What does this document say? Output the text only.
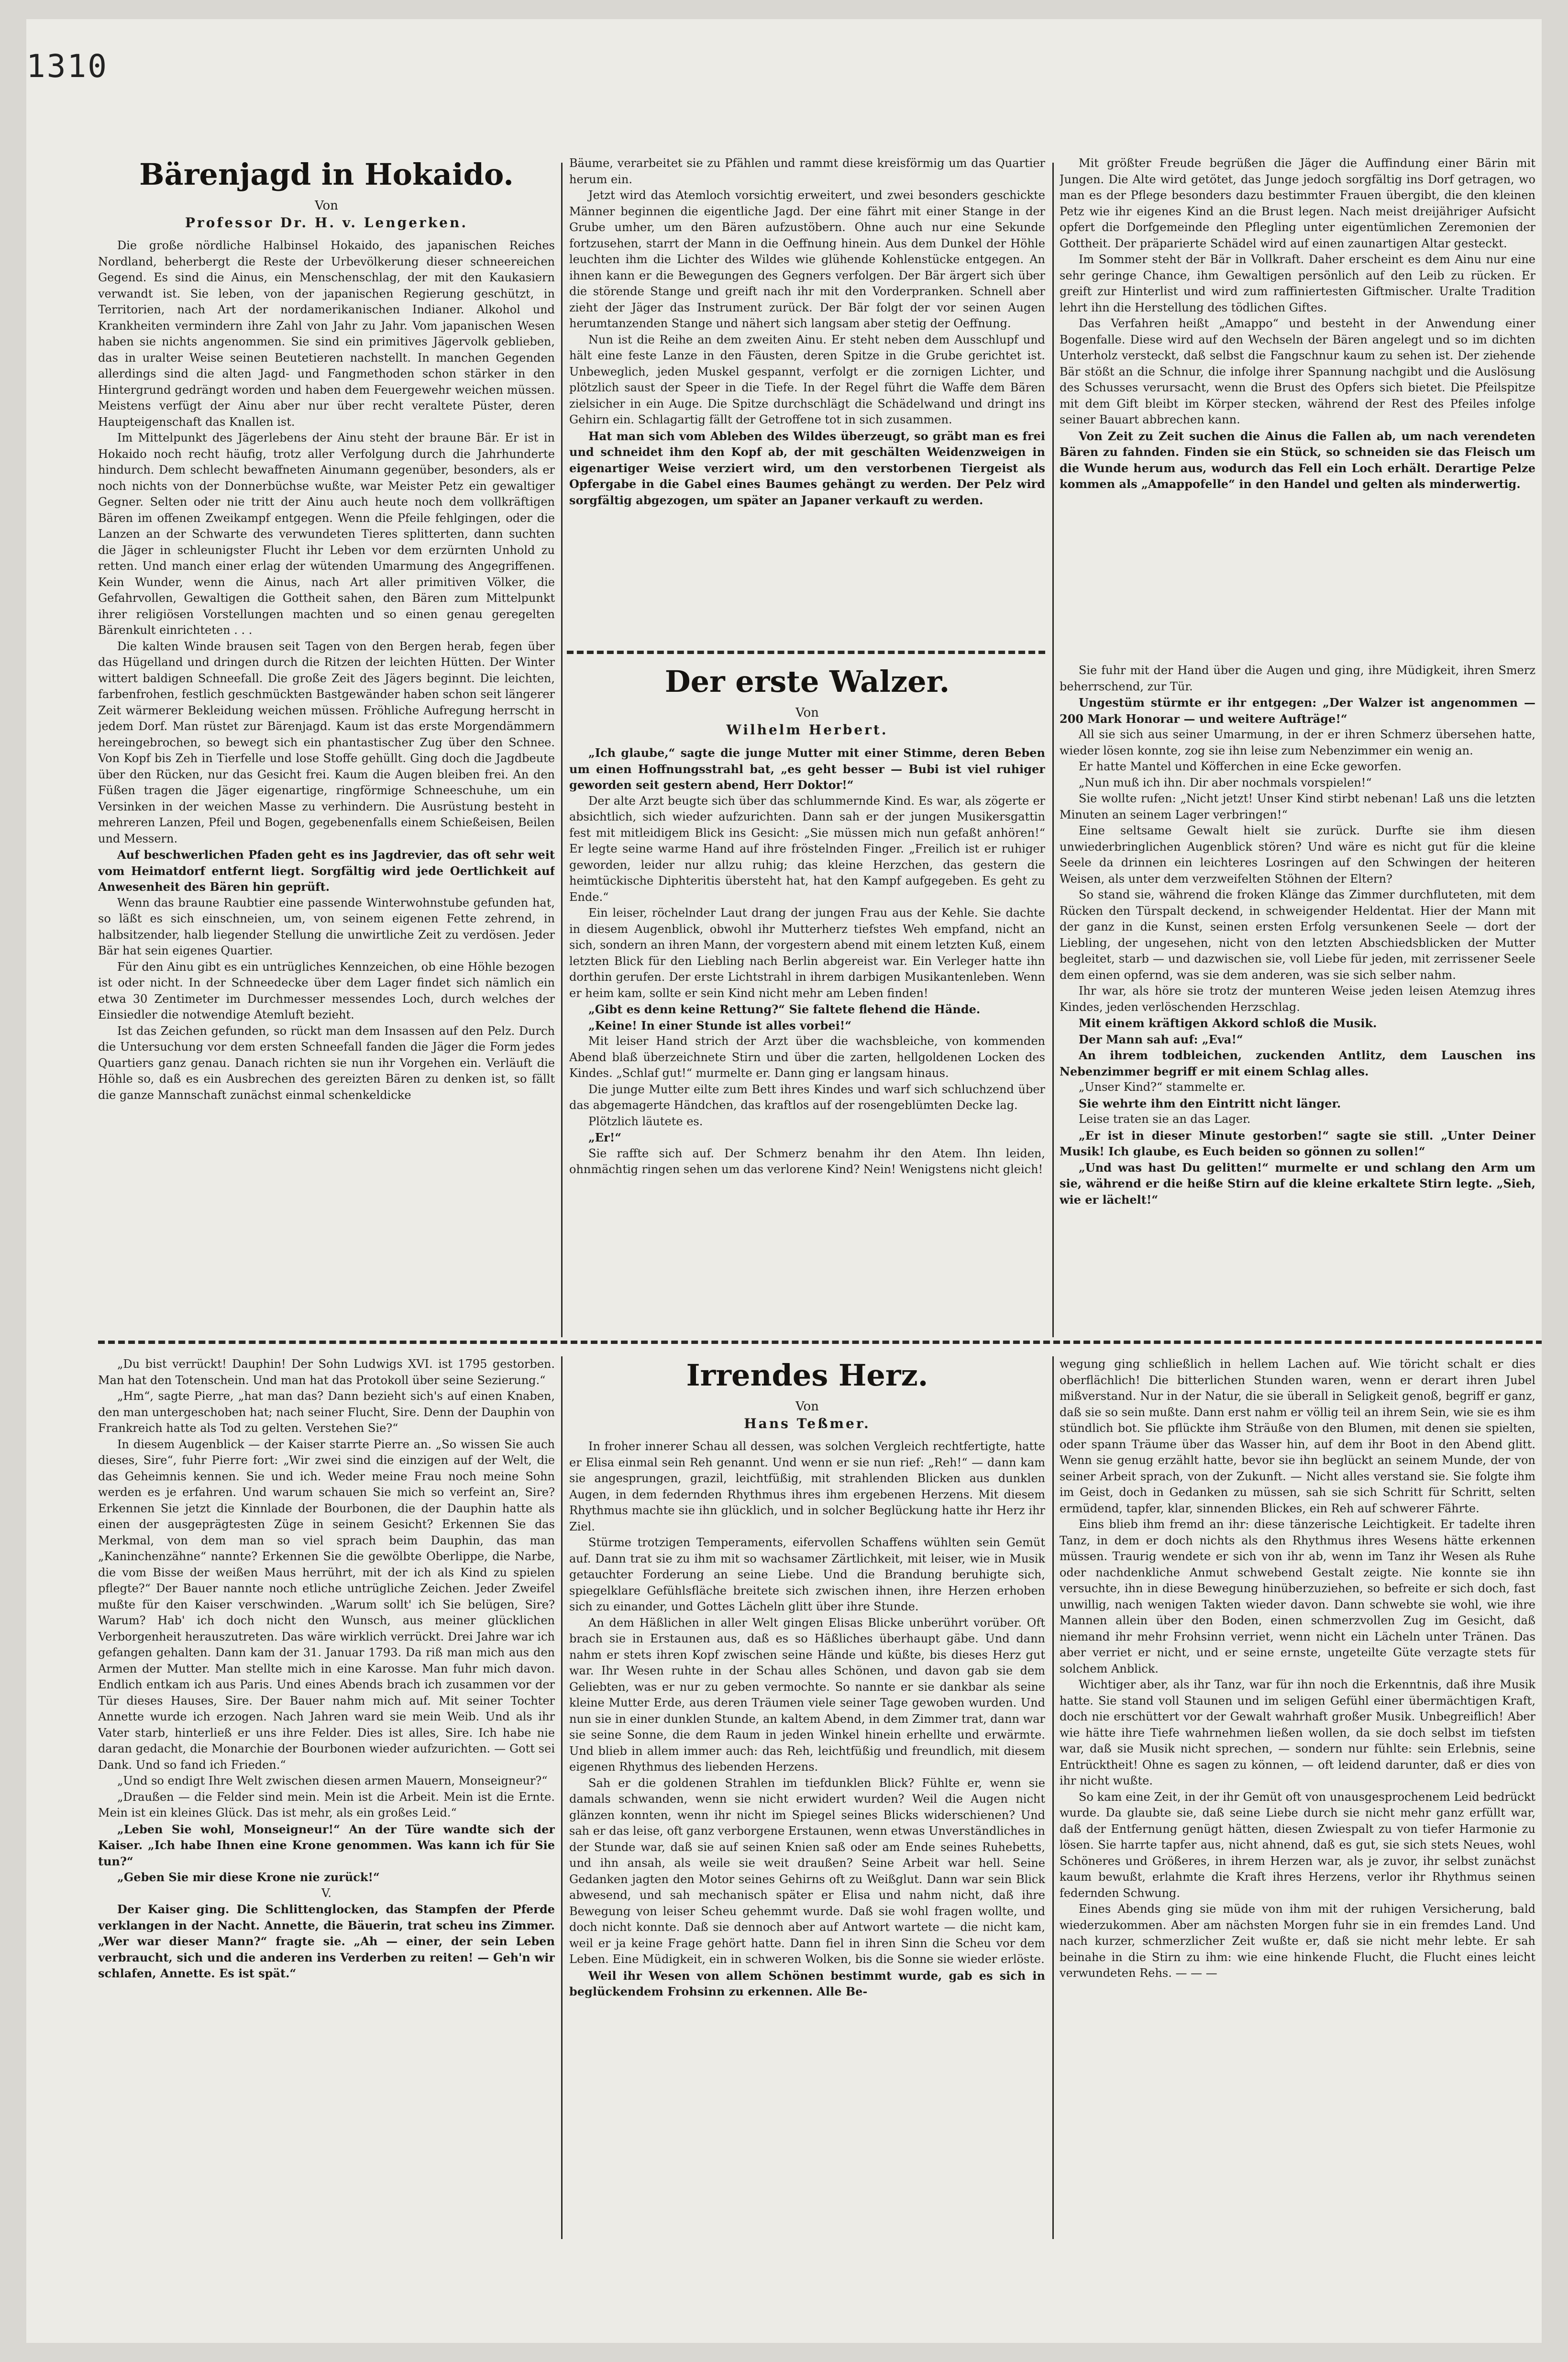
1310
Bärenjagd in Hokaido.
Von
Professor Dr. H. v. Lengerken.

Die große nördliche Halbinsel Hokaido, des japanischen Reiches Nordland, beherbergt die Reste der Urbevölkerung dieser schneereichen Gegend. Es sind die Ainus, ein Menschenschlag, der mit den Kaukasiern verwandt ist. Sie leben, von der japanischen Regierung geschützt, in Territorien, nach Art der nordamerikanischen Indianer. Alkohol und Krankheiten vermindern ihre Zahl von Jahr zu Jahr. Vom japanischen Wesen haben sie nichts angenommen. Sie sind ein primitives Jägervolk geblieben, das in uralter Weise seinen Beutetieren nachstellt. In manchen Gegenden allerdings sind die alten Jagd- und Fangmethoden schon stärker in den Hintergrund gedrängt worden und haben dem Feuergewehr weichen müssen. Meistens verfügt der Ainu aber nur über recht veraltete Püster, deren Haupteigenschaft das Knallen ist.

Im Mittelpunkt des Jägerlebens der Ainu steht der braune Bär. Er ist in Hokaido noch recht häufig, trotz aller Verfolgung durch die Jahrhunderte hindurch. Dem schlecht bewaffneten Ainumann gegenüber, besonders, als er noch nichts von der Donnerbüchse wußte, war Meister Petz ein gewaltiger Gegner. Selten oder nie tritt der Ainu auch heute noch dem vollkräftigen Bären im offenen Zweikampf entgegen. Wenn die Pfeile fehlgingen, oder die Lanzen an der Schwarte des verwundeten Tieres splitterten, dann suchten die Jäger in schleunigster Flucht ihr Leben vor dem erzürnten Unhold zu retten. Und manch einer erlag der wütenden Umarmung des Angegriffenen. Kein Wunder, wenn die Ainus, nach Art aller primitiven Völker, die Gefahrvollen, Gewaltigen die Gottheit sahen, den Bären zum Mittelpunkt ihrer religiösen Vorstellungen machten und so einen genau geregelten Bärenkult einrichteten . . .

Die kalten Winde brausen seit Tagen von den Bergen herab, fegen über das Hügelland und dringen durch die Ritzen der leichten Hütten. Der Winter wittert baldigen Schneefall. Die große Zeit des Jägers beginnt. Die leichten, farbenfrohen, festlich geschmückten Bastgewänder haben schon seit längerer Zeit wärmerer Bekleidung weichen müssen. Fröhliche Aufregung herrscht in jedem Dorf. Man rüstet zur Bärenjagd. Kaum ist das erste Morgendämmern hereingebrochen, so bewegt sich ein phantastischer Zug über den Schnee. Von Kopf bis Zeh in Tierfelle und lose Stoffe gehüllt. Ging doch die Jagdbeute über den Rücken, nur das Gesicht frei. Kaum die Augen bleiben frei. An den Füßen tragen die Jäger eigenartige, ringförmige Schneeschuhe, um ein Versinken in der weichen Masse zu verhindern. Die Ausrüstung besteht in mehreren Lanzen, Pfeil und Bogen, gegebenenfalls einem Schießeisen, Beilen und Messern.

Auf beschwerlichen Pfaden geht es ins Jagdrevier, das oft sehr weit vom Heimatdorf entfernt liegt. Sorgfältig wird jede Oertlichkeit auf Anwesenheit des Bären hin geprüft.

Wenn das braune Raubtier eine passende Winterwohnstube gefunden hat, so läßt es sich einschneien, um, von seinem eigenen Fette zehrend, in halbsitzender, halb liegender Stellung die unwirtliche Zeit zu verdösen. Jeder Bär hat sein eigenes Quartier.

Für den Ainu gibt es ein untrügliches Kennzeichen, ob eine Höhle bezogen ist oder nicht. In der Schneedecke über dem Lager findet sich nämlich ein etwa 30 Zentimeter im Durchmesser messendes Loch, durch welches der Einsiedler die notwendige Atemluft bezieht.

Ist das Zeichen gefunden, so rückt man dem Insassen auf den Pelz. Durch die Untersuchung vor dem ersten Schneefall fanden die Jäger die Form jedes Quartiers ganz genau. Danach richten sie nun ihr Vorgehen ein. Verläuft die Höhle so, daß es ein Ausbrechen des gereizten Bären zu denken ist, so fällt die ganze Mannschaft zunächst einmal schenkeldicke

Bäume, verarbeitet sie zu Pfählen und rammt diese kreisförmig um das Quartier herum ein.

Jetzt wird das Atemloch vorsichtig erweitert, und zwei besonders geschickte Männer beginnen die eigentliche Jagd. Der eine fährt mit einer Stange in der Grube umher, um den Bären aufzustöbern. Ohne auch nur eine Sekunde fortzusehen, starrt der Mann in die Oeffnung hinein. Aus dem Dunkel der Höhle leuchten ihm die Lichter des Wildes wie glühende Kohlenstücke entgegen. An ihnen kann er die Bewegungen des Gegners verfolgen. Der Bär ärgert sich über die störende Stange und greift nach ihr mit den Vorderpranken. Schnell aber zieht der Jäger das Instrument zurück. Der Bär folgt der vor seinen Augen herumtanzenden Stange und nähert sich langsam aber stetig der Oeffnung.

Nun ist die Reihe an dem zweiten Ainu. Er steht neben dem Ausschlupf und hält eine feste Lanze in den Fäusten, deren Spitze in die Grube gerichtet ist. Unbeweglich, jeden Muskel gespannt, verfolgt er die zornigen Lichter, und plötzlich saust der Speer in die Tiefe. In der Regel führt die Waffe dem Bären zielsicher in ein Auge. Die Spitze durchschlägt die Schädelwand und dringt ins Gehirn ein. Schlagartig fällt der Getroffene tot in sich zusammen.

Hat man sich vom Ableben des Wildes überzeugt, so gräbt man es frei und schneidet ihm den Kopf ab, der mit geschälten Weidenzweigen in eigenartiger Weise verziert wird, um den verstorbenen Tiergeist als Opfergabe in die Gabel eines Baumes gehängt zu werden. Der Pelz wird sorgfältig abgezogen, um später an Japaner verkauft zu werden.

Mit größter Freude begrüßen die Jäger die Auffindung einer Bärin mit Jungen. Die Alte wird getötet, das Junge jedoch sorgfältig ins Dorf getragen, wo man es der Pflege besonders dazu bestimmter Frauen übergibt, die den kleinen Petz wie ihr eigenes Kind an die Brust legen. Nach meist dreijähriger Aufsicht opfert die Dorfgemeinde den Pflegling unter eigentümlichen Zeremonien der Gottheit. Der präparierte Schädel wird auf einen zaunartigen Altar gesteckt.

Im Sommer steht der Bär in Vollkraft. Daher erscheint es dem Ainu nur eine sehr geringe Chance, ihm Gewaltigen persönlich auf den Leib zu rücken. Er greift zur Hinterlist und wird zum raffiniertesten Giftmischer. Uralte Tradition lehrt ihn die Herstellung des tödlichen Giftes.

Das Verfahren heißt „Amappo“ und besteht in der Anwendung einer Bogenfalle. Diese wird auf den Wechseln der Bären angelegt und so im dichten Unterholz versteckt, daß selbst die Fangschnur kaum zu sehen ist. Der ziehende Bär stößt an die Schnur, die infolge ihrer Spannung nachgibt und die Auslösung des Schusses verursacht, wenn die Brust des Opfers sich bietet. Die Pfeilspitze mit dem Gift bleibt im Körper stecken, während der Rest des Pfeiles infolge seiner Bauart abbrechen kann.

Von Zeit zu Zeit suchen die Ainus die Fallen ab, um nach verendeten Bären zu fahnden. Finden sie ein Stück, so schneiden sie das Fleisch um die Wunde herum aus, wodurch das Fell ein Loch erhält. Derartige Pelze kommen als „Amappofelle“ in den Handel und gelten als minderwertig.

Der erste Walzer.
Von
Wilhelm Herbert.

„Ich glaube,“ sagte die junge Mutter mit einer Stimme, deren Beben um einen Hoffnungsstrahl bat, „es geht besser — Bubi ist viel ruhiger geworden seit gestern abend, Herr Doktor!“

Der alte Arzt beugte sich über das schlummernde Kind. Es war, als zögerte er absichtlich, sich wieder aufzurichten. Dann sah er der jungen Musikersgattin fest mit mitleidigem Blick ins Gesicht: „Sie müssen mich nun gefaßt anhören!“ Er legte seine warme Hand auf ihre fröstelnden Finger. „Freilich ist er ruhiger geworden, leider nur allzu ruhig; das kleine Herzchen, das gestern die heimtückische Diphteritis übersteht hat, hat den Kampf aufgegeben. Es geht zu Ende.“

Ein leiser, röchelnder Laut drang der jungen Frau aus der Kehle. Sie dachte in diesem Augenblick, obwohl ihr Mutterherz tiefstes Weh empfand, nicht an sich, sondern an ihren Mann, der vorgestern abend mit einem letzten Kuß, einem letzten Blick für den Liebling nach Berlin abgereist war. Ein Verleger hatte ihn dorthin gerufen. Der erste Lichtstrahl in ihrem darbigen Musikantenleben. Wenn er heim kam, sollte er sein Kind nicht mehr am Leben finden!

„Gibt es denn keine Rettung?“ Sie faltete flehend die Hände.

„Keine! In einer Stunde ist alles vorbei!“

Mit leiser Hand strich der Arzt über die wachsbleiche, von kommenden Abend blaß überzeichnete Stirn und über die zarten, hellgoldenen Locken des Kindes. „Schlaf gut!“ murmelte er. Dann ging er langsam hinaus.

Die junge Mutter eilte zum Bett ihres Kindes und warf sich schluchzend über das abgemagerte Händchen, das kraftlos auf der rosengeblümten Decke lag.

Plötzlich läutete es.

„Er!“

Sie raffte sich auf. Der Schmerz benahm ihr den Atem. Ihn leiden, ohnmächtig ringen sehen um das verlorene Kind? Nein! Wenigstens nicht gleich!

Sie fuhr mit der Hand über die Augen und ging, ihre Müdigkeit, ihren Smerz beherrschend, zur Tür.

Ungestüm stürmte er ihr entgegen: „Der Walzer ist angenommen — 200 Mark Honorar — und weitere Aufträge!“

All sie sich aus seiner Umarmung, in der er ihren Schmerz übersehen hatte, wieder lösen konnte, zog sie ihn leise zum Nebenzimmer ein wenig an.

Er hatte Mantel und Köfferchen in eine Ecke geworfen.

„Nun muß ich ihn. Dir aber nochmals vorspielen!“

Sie wollte rufen: „Nicht jetzt! Unser Kind stirbt nebenan! Laß uns die letzten Minuten an seinem Lager verbringen!“

Eine seltsame Gewalt hielt sie zurück. Durfte sie ihm diesen unwiederbringlichen Augenblick stören? Und wäre es nicht gut für die kleine Seele da drinnen ein leichteres Losringen auf den Schwingen der heiteren Weisen, als unter dem verzweifelten Stöhnen der Eltern?

So stand sie, während die froken Klänge das Zimmer durchfluteten, mit dem Rücken den Türspalt deckend, in schweigender Heldentat. Hier der Mann mit der ganz in die Kunst, seinen ersten Erfolg versunkenen Seele — dort der Liebling, der ungesehen, nicht von den letzten Abschiedsblicken der Mutter begleitet, starb — und dazwischen sie, voll Liebe für jeden, mit zerrissener Seele dem einen opfernd, was sie dem anderen, was sie sich selber nahm.

Ihr war, als höre sie trotz der munteren Weise jeden leisen Atemzug ihres Kindes, jeden verlöschenden Herzschlag.

Mit einem kräftigen Akkord schloß die Musik.

Der Mann sah auf: „Eva!“

An ihrem todbleichen, zuckenden Antlitz, dem Lauschen ins Nebenzimmer begriff er mit einem Schlag alles.

„Unser Kind?“ stammelte er.

Sie wehrte ihm den Eintritt nicht länger.

Leise traten sie an das Lager.

„Er ist in dieser Minute gestorben!“ sagte sie still. „Unter Deiner Musik! Ich glaube, es Euch beiden so gönnen zu sollen!“

„Und was hast Du gelitten!“ murmelte er und schlang den Arm um sie, während er die heiße Stirn auf die kleine erkaltete Stirn legte. „Sieh, wie er lächelt!“

„Du bist verrückt! Dauphin! Der Sohn Ludwigs XVI. ist 1795 gestorben. Man hat den Totenschein. Und man hat das Protokoll über seine Sezierung.“

„Hm“, sagte Pierre, „hat man das? Dann bezieht sich's auf einen Knaben, den man untergeschoben hat; nach seiner Flucht, Sire. Denn der Dauphin von Frankreich hatte als Tod zu gelten. Verstehen Sie?“

In diesem Augenblick — der Kaiser starrte Pierre an. „So wissen Sie auch dieses, Sire“, fuhr Pierre fort: „Wir zwei sind die einzigen auf der Welt, die das Geheimnis kennen. Sie und ich. Weder meine Frau noch meine Sohn werden es je erfahren. Und warum schauen Sie mich so verfeint an, Sire? Erkennen Sie jetzt die Kinnlade der Bourbonen, die der Dauphin hatte als einen der ausgeprägtesten Züge in seinem Gesicht? Erkennen Sie das Merkmal, von dem man so viel sprach beim Dauphin, das man „Kaninchenzähne“ nannte? Erkennen Sie die gewölbte Oberlippe, die Narbe, die vom Bisse der weißen Maus herrührt, mit der ich als Kind zu spielen pflegte?“ Der Bauer nannte noch etliche untrügliche Zeichen. Jeder Zweifel mußte für den Kaiser verschwinden. „Warum sollt' ich Sie belügen, Sire? Warum? Hab' ich doch nicht den Wunsch, aus meiner glücklichen Verborgenheit herauszutreten. Das wäre wirklich verrückt. Drei Jahre war ich gefangen gehalten. Dann kam der 31. Januar 1793. Da riß man mich aus den Armen der Mutter. Man stellte mich in eine Karosse. Man fuhr mich davon. Endlich entkam ich aus Paris. Und eines Abends brach ich zusammen vor der Tür dieses Hauses, Sire. Der Bauer nahm mich auf. Mit seiner Tochter Annette wurde ich erzogen. Nach Jahren ward sie mein Weib. Und als ihr Vater starb, hinterließ er uns ihre Felder. Dies ist alles, Sire. Ich habe nie daran gedacht, die Monarchie der Bourbonen wieder aufzurichten. — Gott sei Dank. Und so fand ich Frieden.“

„Und so endigt Ihre Welt zwischen diesen armen Mauern, Monseigneur?“

„Draußen — die Felder sind mein. Mein ist die Arbeit. Mein ist die Ernte. Mein ist ein kleines Glück. Das ist mehr, als ein großes Leid.“

„Leben Sie wohl, Monseigneur!“ An der Türe wandte sich der Kaiser. „Ich habe Ihnen eine Krone genommen. Was kann ich für Sie tun?“

„Geben Sie mir diese Krone nie zurück!“

V.

Der Kaiser ging. Die Schlittenglocken, das Stampfen der Pferde verklangen in der Nacht. Annette, die Bäuerin, trat scheu ins Zimmer. „Wer war dieser Mann?“ fragte sie. „Ah — einer, der sein Leben verbraucht, sich und die anderen ins Verderben zu reiten! — Geh'n wir schlafen, Annette. Es ist spät.“

Irrendes Herz.
Von
Hans Teßmer.

In froher innerer Schau all dessen, was solchen Vergleich rechtfertigte, hatte er Elisa einmal sein Reh genannt. Und wenn er sie nun rief: „Reh!“ — dann kam sie angesprungen, grazil, leichtfüßig, mit strahlenden Blicken aus dunklen Augen, in dem federnden Rhythmus ihres ihm ergebenen Herzens. Mit diesem Rhythmus machte sie ihn glücklich, und in solcher Beglückung hatte ihr Herz ihr Ziel.

Stürme trotzigen Temperaments, eifervollen Schaffens wühlten sein Gemüt auf. Dann trat sie zu ihm mit so wachsamer Zärtlichkeit, mit leiser, wie in Musik getauchter Forderung an seine Liebe. Und die Brandung beruhigte sich, spiegelklare Gefühlsfläche breitete sich zwischen ihnen, ihre Herzen erhoben sich zu einander, und Gottes Lächeln glitt über ihre Stunde.

An dem Häßlichen in aller Welt gingen Elisas Blicke unberührt vorüber. Oft brach sie in Erstaunen aus, daß es so Häßliches überhaupt gäbe. Und dann nahm er stets ihren Kopf zwischen seine Hände und küßte, bis dieses Herz gut war. Ihr Wesen ruhte in der Schau alles Schönen, und davon gab sie dem Geliebten, was er nur zu geben vermochte. So nannte er sie dankbar als seine kleine Mutter Erde, aus deren Träumen viele seiner Tage gewoben wurden. Und nun sie in einer dunklen Stunde, an kaltem Abend, in dem Zimmer trat, dann war sie seine Sonne, die dem Raum in jeden Winkel hinein erhellte und erwärmte. Und blieb in allem immer auch: das Reh, leichtfüßig und freundlich, mit diesem eigenen Rhythmus des liebenden Herzens.

Sah er die goldenen Strahlen im tiefdunklen Blick? Fühlte er, wenn sie damals schwanden, wenn sie nicht erwidert wurden? Weil die Augen nicht glänzen konnten, wenn ihr nicht im Spiegel seines Blicks widerschienen? Und sah er das leise, oft ganz verborgene Erstaunen, wenn etwas Unverständliches in der Stunde war, daß sie auf seinen Knien saß oder am Ende seines Ruhebetts, und ihn ansah, als weile sie weit draußen? Seine Arbeit war hell. Seine Gedanken jagten den Motor seines Gehirns oft zu Weißglut. Dann war sein Blick abwesend, und sah mechanisch später er Elisa und nahm nicht, daß ihre Bewegung von leiser Scheu gehemmt wurde. Daß sie wohl fragen wollte, und doch nicht konnte. Daß sie dennoch aber auf Antwort wartete — die nicht kam, weil er ja keine Frage gehört hatte. Dann fiel in ihren Sinn die Scheu vor dem Leben. Eine Müdigkeit, ein in schweren Wolken, bis die Sonne sie wieder erlöste.

Weil ihr Wesen von allem Schönen bestimmt wurde, gab es sich in beglückendem Frohsinn zu erkennen. Alle Be-

wegung ging schließlich in hellem Lachen auf. Wie töricht schalt er dies oberflächlich! Die bitterlichen Stunden waren, wenn er derart ihren Jubel mißverstand. Nur in der Natur, die sie überall in Seligkeit genoß, begriff er ganz, daß sie so sein mußte. Dann erst nahm er völlig teil an ihrem Sein, wie sie es ihm stündlich bot. Sie pflückte ihm Sträuße von den Blumen, mit denen sie spielten, oder spann Träume über das Wasser hin, auf dem ihr Boot in den Abend glitt. Wenn sie genug erzählt hatte, bevor sie ihn beglückt an seinem Munde, der von seiner Arbeit sprach, von der Zukunft. — Nicht alles verstand sie. Sie folgte ihm im Geist, doch in Gedanken zu müssen, sah sie sich Schritt für Schritt, selten ermüdend, tapfer, klar, sinnenden Blickes, ein Reh auf schwerer Fährte.

Eins blieb ihm fremd an ihr: diese tänzerische Leichtigkeit. Er tadelte ihren Tanz, in dem er doch nichts als den Rhythmus ihres Wesens hätte erkennen müssen. Traurig wendete er sich von ihr ab, wenn im Tanz ihr Wesen als Ruhe oder nachdenkliche Anmut schwebend Gestalt zeigte. Nie konnte sie ihn versuchte, ihn in diese Bewegung hinüberzuziehen, so befreite er sich doch, fast unwillig, nach wenigen Takten wieder davon. Dann schwebte sie wohl, wie ihre Mannen allein über den Boden, einen schmerzvollen Zug im Gesicht, daß niemand ihr mehr Frohsinn verriet, wenn nicht ein Lächeln unter Tränen. Das aber verriet er nicht, und er seine ernste, ungeteilte Güte verzagte stets für solchem Anblick.

Wichtiger aber, als ihr Tanz, war für ihn noch die Erkenntnis, daß ihre Musik hatte. Sie stand voll Staunen und im seligen Gefühl einer übermächtigen Kraft, doch nie erschüttert vor der Gewalt wahrhaft großer Musik. Unbegreiflich! Aber wie hätte ihre Tiefe wahrnehmen ließen wollen, da sie doch selbst im tiefsten war, daß sie Musik nicht sprechen, — sondern nur fühlte: sein Erlebnis, seine Entrücktheit! Ohne es sagen zu können, — oft leidend darunter, daß er dies von ihr nicht wußte.

So kam eine Zeit, in der ihr Gemüt oft von unausgesprochenem Leid bedrückt wurde. Da glaubte sie, daß seine Liebe durch sie nicht mehr ganz erfüllt war, daß der Entfernung genügt hätten, diesen Zwiespalt zu von tiefer Harmonie zu lösen. Sie harrte tapfer aus, nicht ahnend, daß es gut, sie sich stets Neues, wohl Schöneres und Größeres, in ihrem Herzen war, als je zuvor, ihr selbst zunächst kaum bewußt, erlahmte die Kraft ihres Herzens, verlor ihr Rhythmus seinen federnden Schwung.

Eines Abends ging sie müde von ihm mit der ruhigen Versicherung, bald wiederzukommen. Aber am nächsten Morgen fuhr sie in ein fremdes Land. Und nach kurzer, schmerzlicher Zeit wußte er, daß sie nicht mehr lebte. Er sah beinahe in die Stirn zu ihm: wie eine hinkende Flucht, die Flucht eines leicht verwundeten Rehs. — — —
